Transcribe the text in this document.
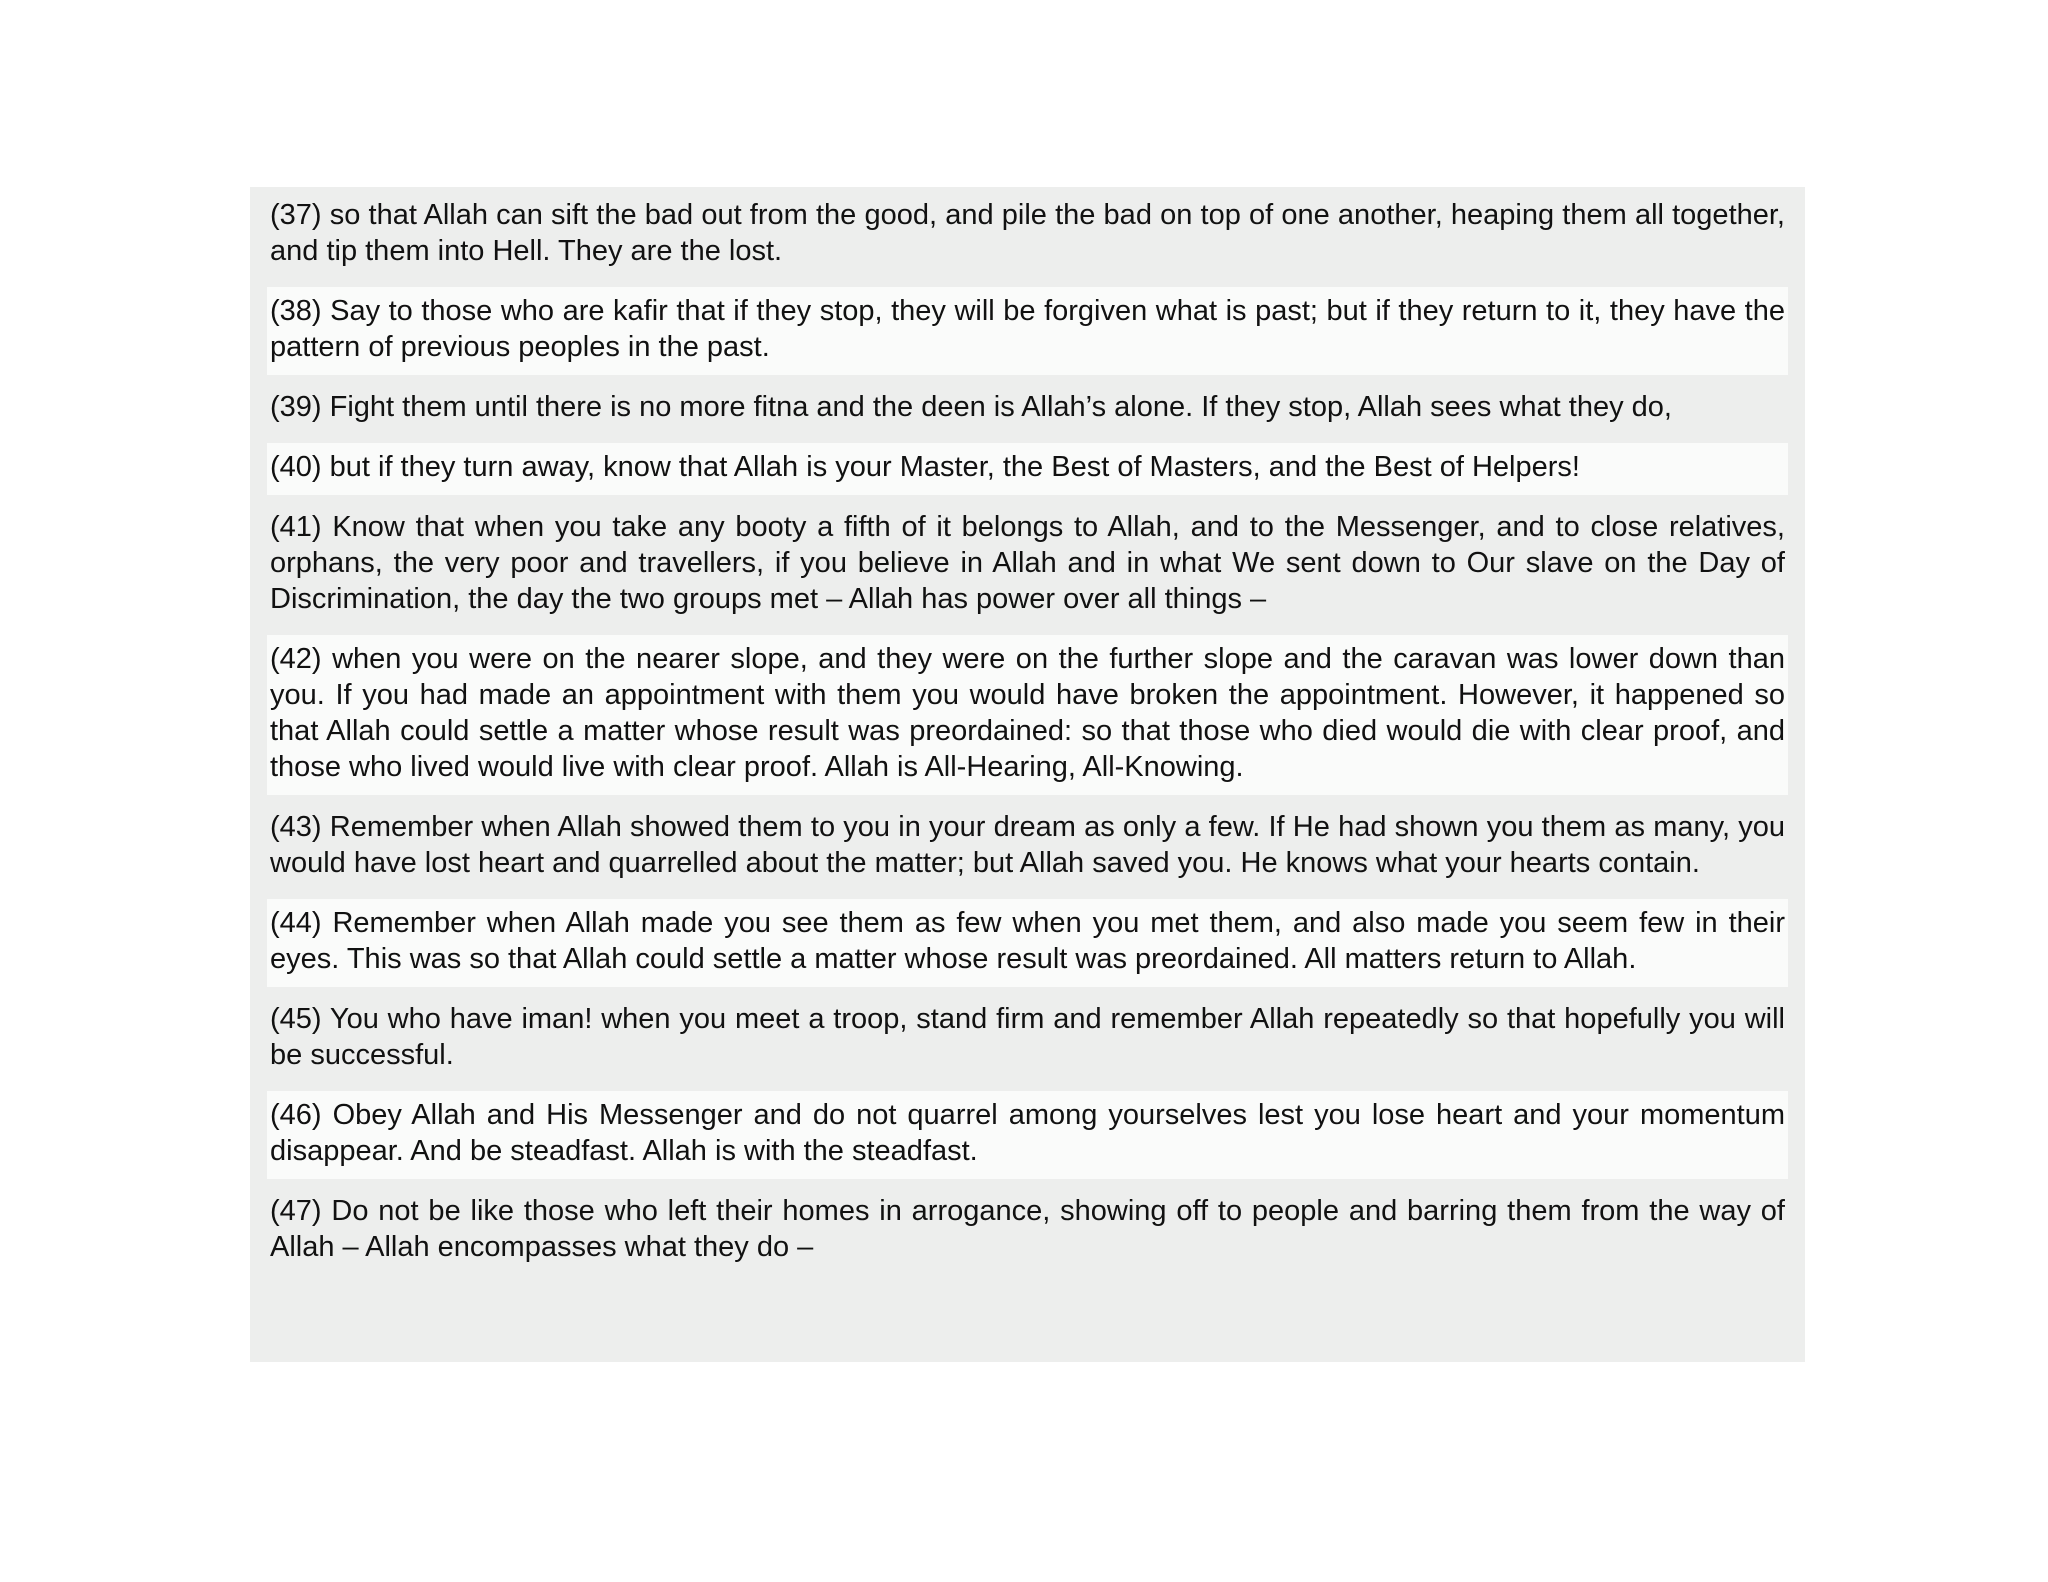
(37) so that Allah can sift the bad out from the good, and pile the bad on top of one another, heaping them all together, and tip them into Hell. They are the lost.
(38) Say to those who are kafir that if they stop, they will be forgiven what is past; but if they return to it, they have the pattern of previous peoples in the past.
(39) Fight them until there is no more fitna and the deen is Allah’s alone. If they stop, Allah sees what they do,
(40) but if they turn away, know that Allah is your Master, the Best of Masters, and the Best of Helpers!
(41) Know that when you take any booty a fifth of it belongs to Allah, and to the Messenger, and to close relatives, orphans, the very poor and travellers, if you believe in Allah and in what We sent down to Our slave on the Day of Discrimination, the day the two groups met – Allah has power over all things –
(42) when you were on the nearer slope, and they were on the further slope and the caravan was lower down than you. If you had made an appointment with them you would have broken the appointment. However, it happened so that Allah could settle a matter whose result was preordained: so that those who died would die with clear proof, and those who lived would live with clear proof. Allah is All-Hearing, All-Knowing.
(43) Remember when Allah showed them to you in your dream as only a few. If He had shown you them as many, you would have lost heart and quarrelled about the matter; but Allah saved you. He knows what your hearts contain.
(44) Remember when Allah made you see them as few when you met them, and also made you seem few in their eyes. This was so that Allah could settle a matter whose result was preordained. All matters return to Allah.
(45) You who have iman! when you meet a troop, stand firm and remember Allah repeatedly so that hopefully you will be successful.
(46) Obey Allah and His Messenger and do not quarrel among yourselves lest you lose heart and your momentum disappear. And be steadfast. Allah is with the steadfast.
(47) Do not be like those who left their homes in arrogance, showing off to people and barring them from the way of Allah – Allah encompasses what they do –
